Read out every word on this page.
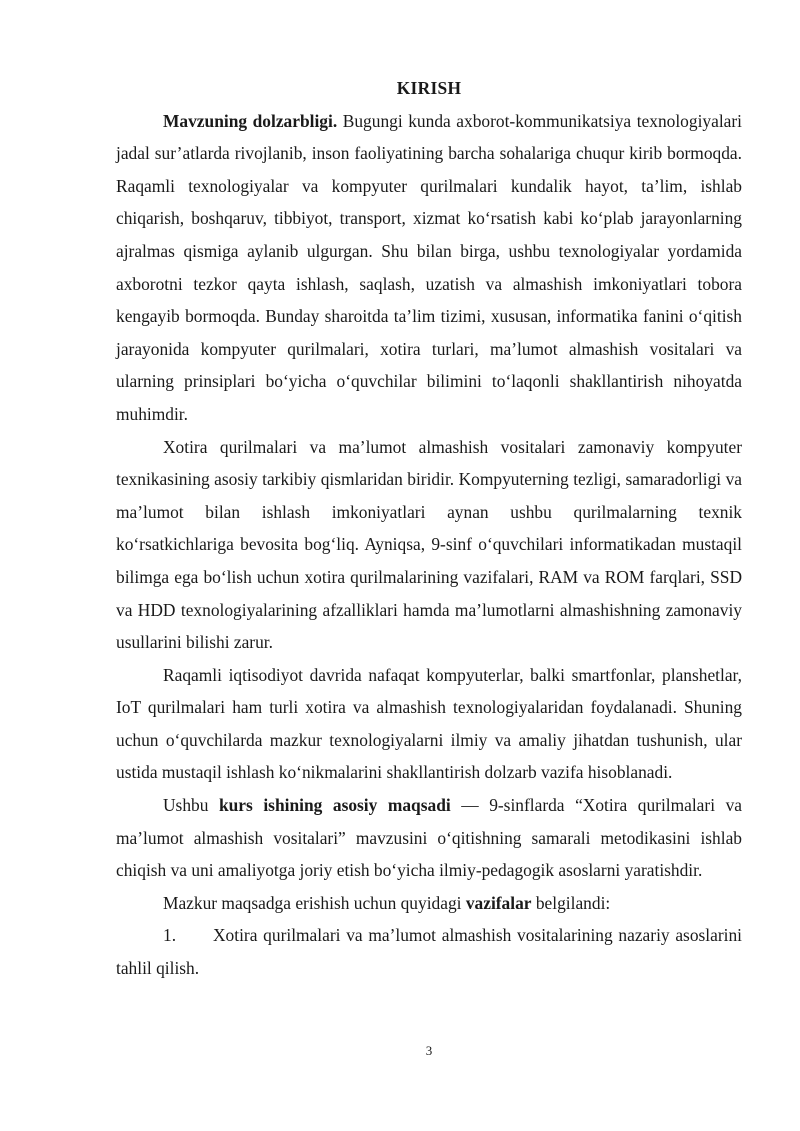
KIRISH

Mavzuning dolzarbligi. Bugungi kunda axborot-kommunikatsiya texnologiyalari jadal sur’atlarda rivojlanib, inson faoliyatining barcha sohalariga chuqur kirib bormoqda. Raqamli texnologiyalar va kompyuter qurilmalari kundalik hayot, ta’lim, ishlab chiqarish, boshqaruv, tibbiyot, transport, xizmat ko‘rsatish kabi ko‘plab jarayonlarning ajralmas qismiga aylanib ulgurgan. Shu bilan birga, ushbu texnologiyalar yordamida axborotni tezkor qayta ishlash, saqlash, uzatish va almashish imkoniyatlari tobora kengayib bormoqda. Bunday sharoitda ta’lim tizimi, xususan, informatika fanini o‘qitish jarayonida kompyuter qurilmalari, xotira turlari, ma’lumot almashish vositalari va ularning prinsiplari bo‘yicha o‘quvchilar bilimini to‘laqonli shakllantirish nihoyatda muhimdir.

Xotira qurilmalari va ma’lumot almashish vositalari zamonaviy kompyuter texnikasining asosiy tarkibiy qismlaridan biridir. Kompyuterning tezligi, samaradorligi va ma’lumot bilan ishlash imkoniyatlari aynan ushbu qurilmalarning texnik ko‘rsatkichlariga bevosita bog‘liq. Ayniqsa, 9-sinf o‘quvchilari informatikadan mustaqil bilimga ega bo‘lish uchun xotira qurilmalarining vazifalari, RAM va ROM farqlari, SSD va HDD texnologiyalarining afzalliklari hamda ma’lumotlarni almashishning zamonaviy usullarini bilishi zarur.

Raqamli iqtisodiyot davrida nafaqat kompyuterlar, balki smartfonlar, planshetlar, IoT qurilmalari ham turli xotira va almashish texnologiyalaridan foydalanadi. Shuning uchun o‘quvchilarda mazkur texnologiyalarni ilmiy va amaliy jihatdan tushunish, ular ustida mustaqil ishlash ko‘nikmalarini shakllantirish dolzarb vazifa hisoblanadi.

Ushbu kurs ishining asosiy maqsadi — 9-sinflarda “Xotira qurilmalari va ma’lumot almashish vositalari” mavzusini o‘qitishning samarali metodikasini ishlab chiqish va uni amaliyotga joriy etish bo‘yicha ilmiy-pedagogik asoslarni yaratishdir.

Mazkur maqsadga erishish uchun quyidagi vazifalar belgilandi:

1. Xotira qurilmalari va ma’lumot almashish vositalarining nazariy asoslarini tahlil qilish.

3
